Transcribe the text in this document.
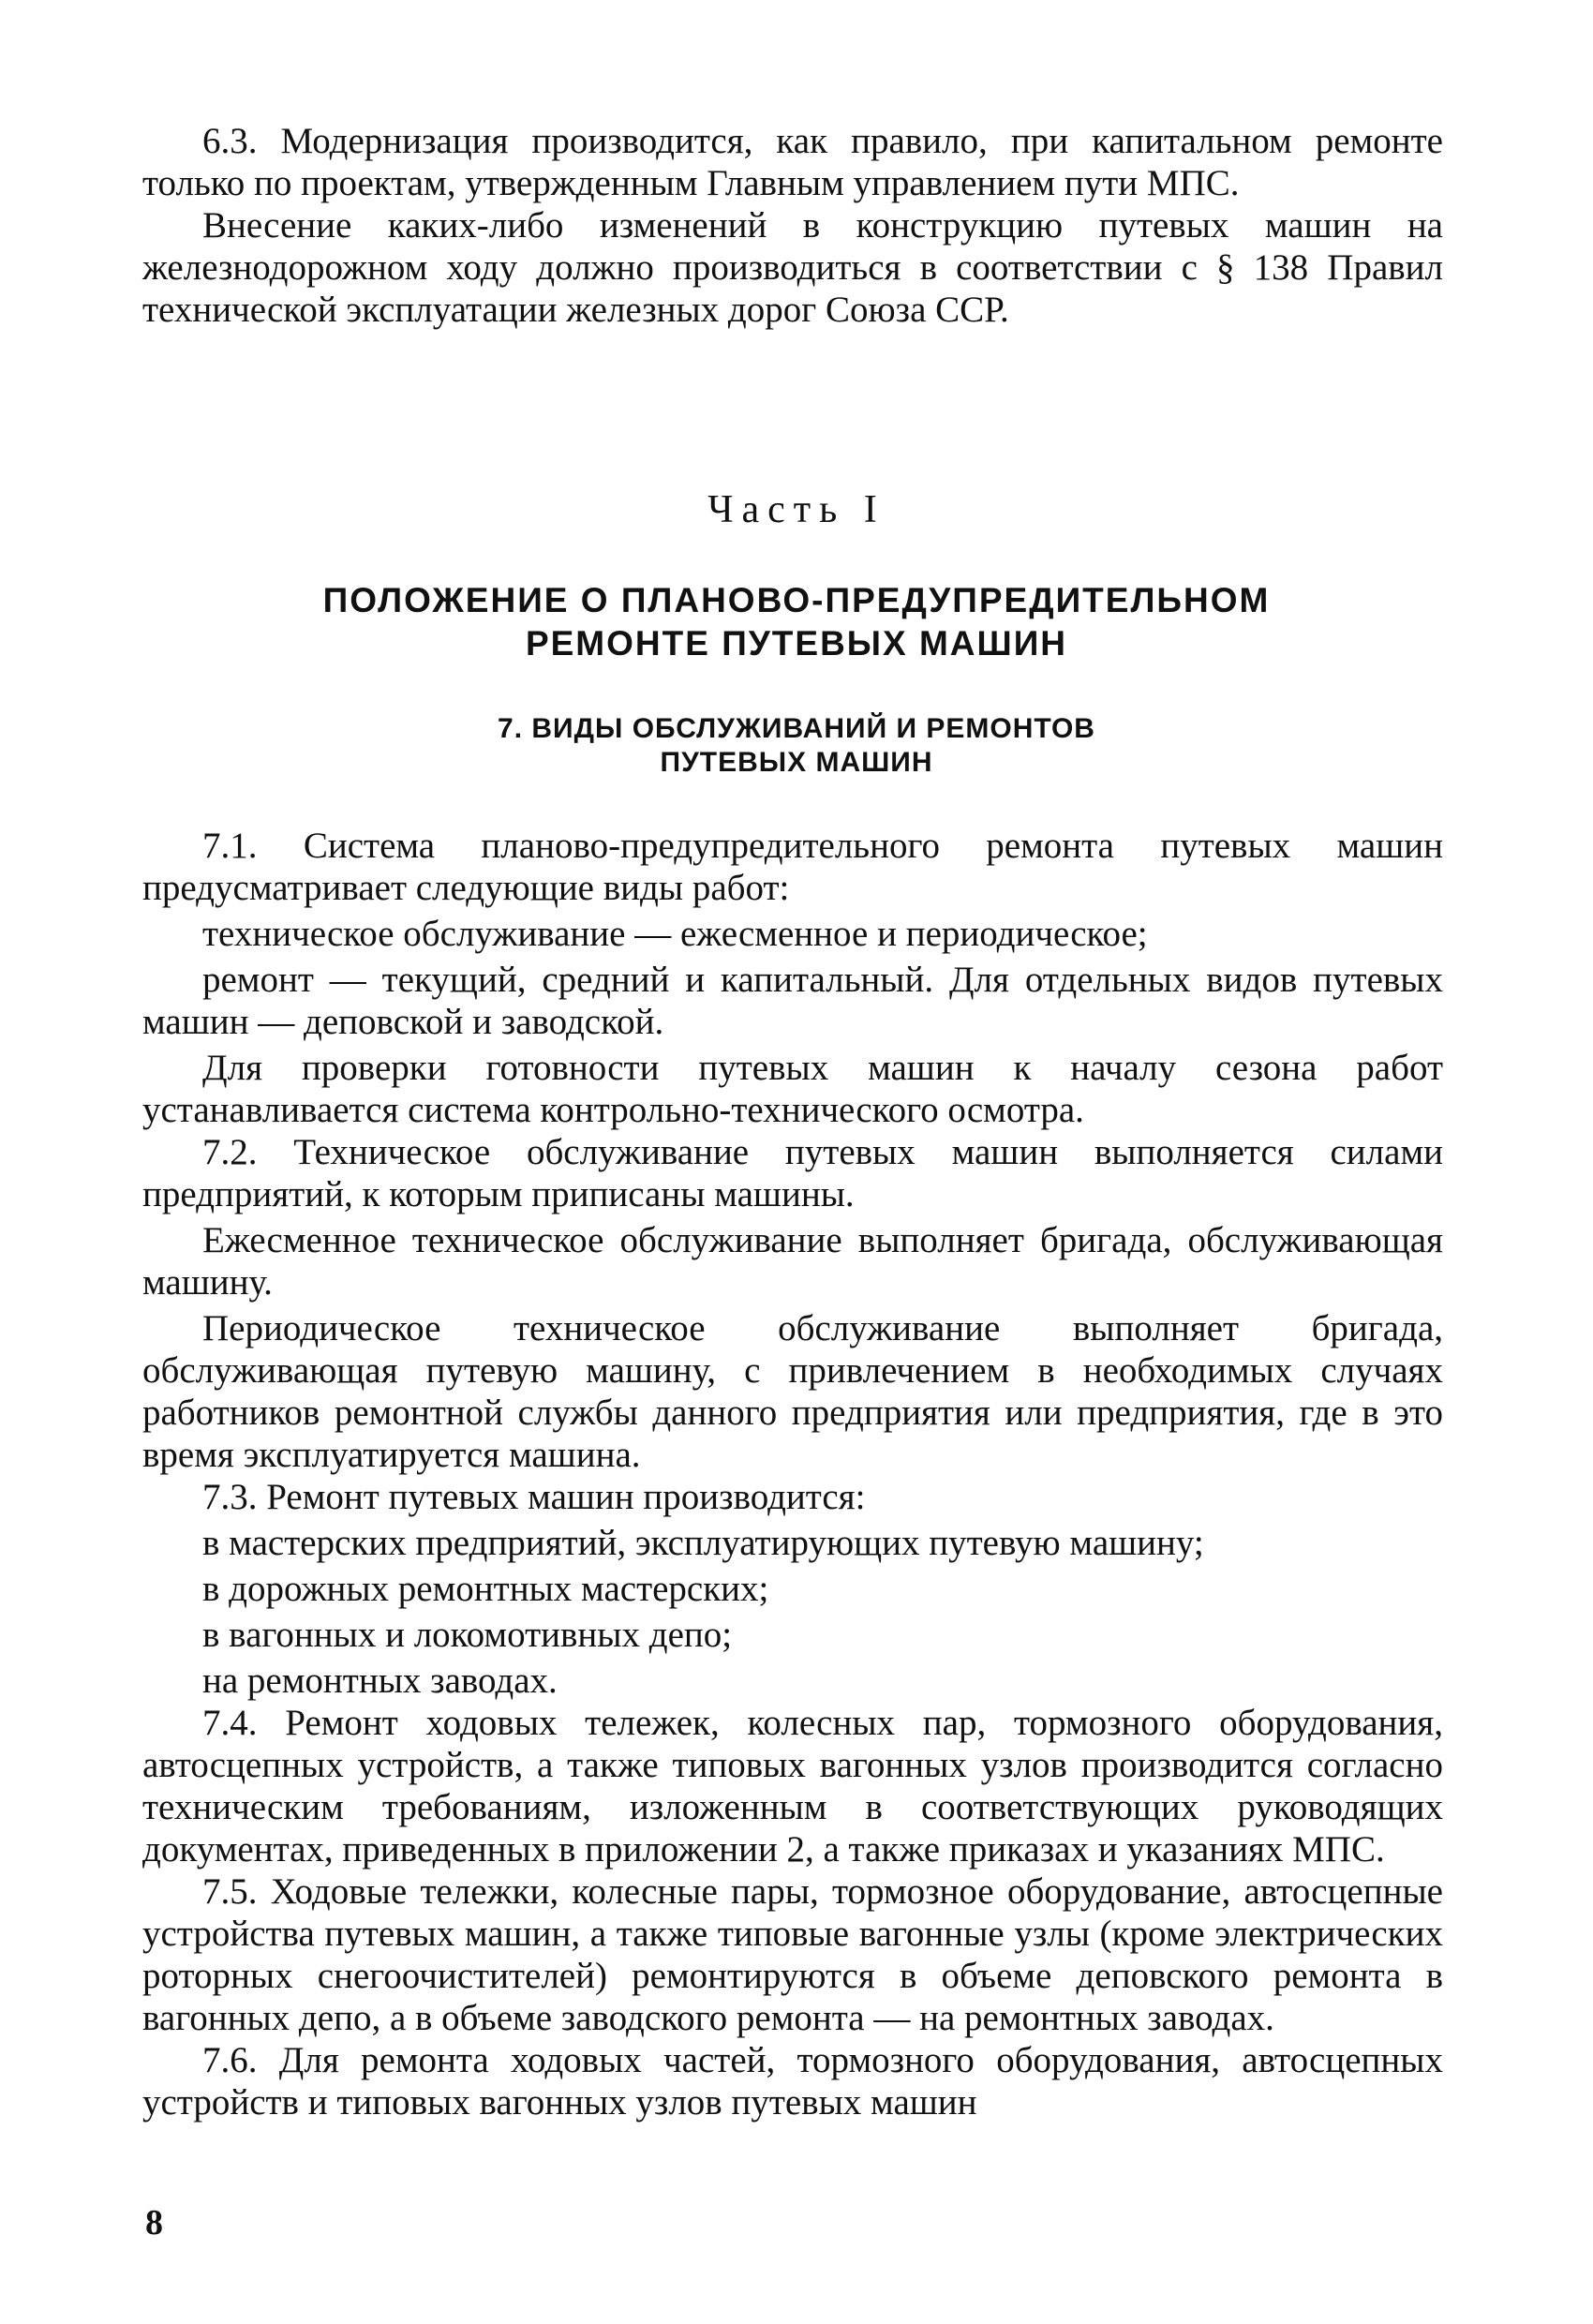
6.3. Модернизация производится, как правило, при капитальном ремонте только по проектам, утвержденным Главным управлением пути МПС.

Внесение каких-либо изменений в конструкцию путевых машин на железнодорожном ходу должно производиться в соответствии с § 138 Правил технической эксплуатации железных дорог Союза ССР.

Часть I
ПОЛОЖЕНИЕ О ПЛАНОВО-ПРЕДУПРЕДИТЕЛЬНОМ
РЕМОНТЕ ПУТЕВЫХ МАШИН
7. ВИДЫ ОБСЛУЖИВАНИЙ И РЕМОНТОВ
ПУТЕВЫХ МАШИН

7.1. Система планово-предупредительного ремонта путевых машин предусматривает следующие виды работ:

техническое обслуживание — ежесменное и периодическое;

ремонт — текущий, средний и капитальный. Для отдельных видов путевых машин — деповской и заводской.

Для проверки готовности путевых машин к началу сезона работ устанавливается система контрольно-технического осмотра.

7.2. Техническое обслуживание путевых машин выполняется силами предприятий, к которым приписаны машины.

Ежесменное техническое обслуживание выполняет бригада, обслуживающая машину.

Периодическое техническое обслуживание выполняет бригада, обслуживающая путевую машину, с привлечением в необходимых случаях работников ремонтной службы данного предприятия или предприятия, где в это время эксплуатируется машина.

7.3. Ремонт путевых машин производится:

в мастерских предприятий, эксплуатирующих путевую машину;

в дорожных ремонтных мастерских;

в вагонных и локомотивных депо;

на ремонтных заводах.

7.4. Ремонт ходовых тележек, колесных пар, тормозного оборудования, автосцепных устройств, а также типовых вагонных узлов производится согласно техническим требованиям, изложенным в соответствующих руководящих документах, приведенных в приложении 2, а также приказах и указаниях МПС.

7.5. Ходовые тележки, колесные пары, тормозное оборудование, автосцепные устройства путевых машин, а также типовые вагонные узлы (кроме электрических роторных снегоочистителей) ремонтируются в объеме деповского ремонта в вагонных депо, а в объеме заводского ремонта — на ремонтных заводах.

7.6. Для ремонта ходовых частей, тормозного оборудования, автосцепных устройств и типовых вагонных узлов путевых машин

8
